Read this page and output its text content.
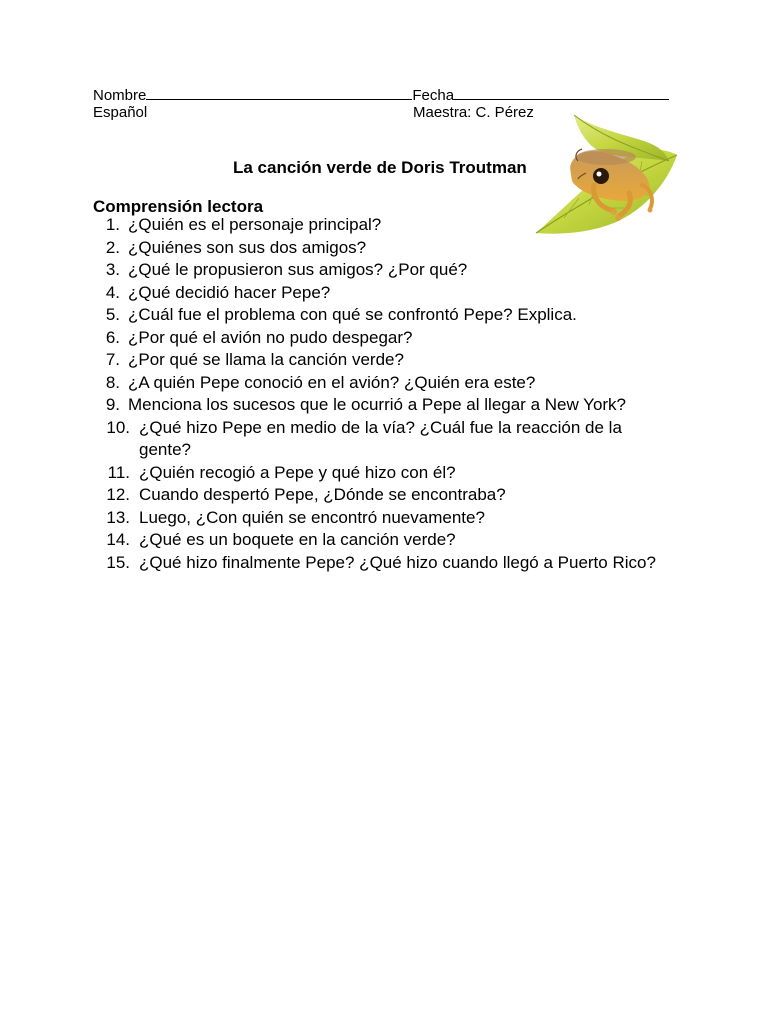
Nombre	Fecha
Español	Maestra: C. Pérez
La canción verde de Doris Troutman
Comprensión lectora
1. ¿Quién es el personaje principal?
2. ¿Quiénes son sus dos amigos?
3. ¿Qué le propusieron sus amigos? ¿Por qué?
4. ¿Qué decidió hacer Pepe?
5. ¿Cuál fue el problema con qué se confrontó Pepe? Explica.
6. ¿Por qué el avión no pudo despegar?
7. ¿Por qué se llama la canción verde?
8. ¿A quién Pepe conoció en el avión? ¿Quién era este?
9. Menciona los sucesos que le ocurrió a Pepe al llegar a New York?
10. ¿Qué hizo Pepe en medio de la vía? ¿Cuál fue la reacción de la gente?
11. ¿Quién recogió a Pepe y qué hizo con él?
12. Cuando despertó Pepe, ¿Dónde se encontraba?
13. Luego, ¿Con quién se encontró nuevamente?
14. ¿Qué es un boquete en la canción verde?
15. ¿Qué hizo finalmente Pepe? ¿Qué hizo cuando llegó a Puerto Rico?
